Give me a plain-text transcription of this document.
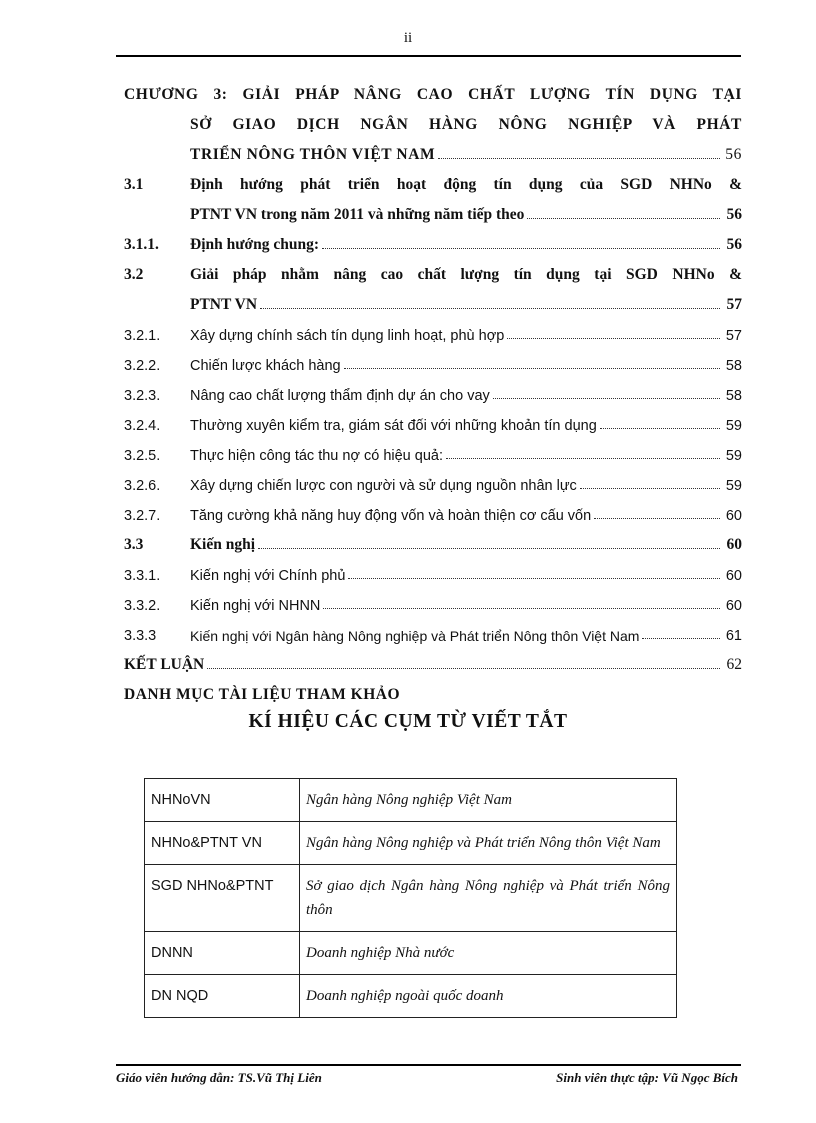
ii
CHƯƠNG 3: GIẢI PHÁP NÂNG CAO CHẤT LƯỢNG TÍN DỤNG TẠI
SỞ GIAO DỊCH NGÂN HÀNG NÔNG NGHIỆP VÀ PHÁT
TRIỂN NÔNG THÔN VIỆT NAM	56
3.1	Định hướng phát triển hoạt động tín dụng của SGD NHNo &
PTNT VN trong năm 2011 và những năm tiếp theo	56
3.1.1.	Định hướng chung:	56
3.2	Giải pháp nhằm nâng cao chất lượng tín dụng tại SGD NHNo &
PTNT VN	57
3.2.1.	Xây dựng chính sách tín dụng linh hoạt, phù hợp	57
3.2.2.	Chiến lược khách hàng	58
3.2.3.	Nâng cao chất lượng thẩm định dự án cho vay	58
3.2.4.	Thường xuyên kiểm tra, giám sát đối với những khoản tín dụng	59
3.2.5.	Thực hiện công tác thu nợ có hiệu quả:	59
3.2.6.	Xây dựng chiến lược con người và sử dụng nguồn nhân lực	59
3.2.7.	Tăng cường khả năng huy động vốn và hoàn thiện cơ cấu vốn	60
3.3	Kiến nghị	60
3.3.1.	Kiến nghị với Chính phủ	60
3.3.2.	Kiến nghị với NHNN	60
3.3.3	Kiến nghị với Ngân hàng Nông nghiệp và Phát triển Nông thôn Việt Nam	61
KẾT LUẬN	62
DANH MỤC TÀI LIỆU THAM KHẢO
KÍ HIỆU CÁC CỤM TỪ VIẾT TẮT
NHNoVN	Ngân hàng Nông nghiệp Việt Nam
NHNo&PTNT VN	Ngân hàng Nông nghiệp và Phát triển Nông thôn Việt Nam
SGD NHNo&PTNT	Sở giao dịch Ngân hàng Nông nghiệp và Phát triển Nông thôn
DNNN	Doanh nghiệp Nhà nước
DN NQD	Doanh nghiệp ngoài quốc doanh
Giáo viên hướng dẫn: TS.Vũ Thị Liên	Sinh viên thực tập: Vũ Ngọc Bích
